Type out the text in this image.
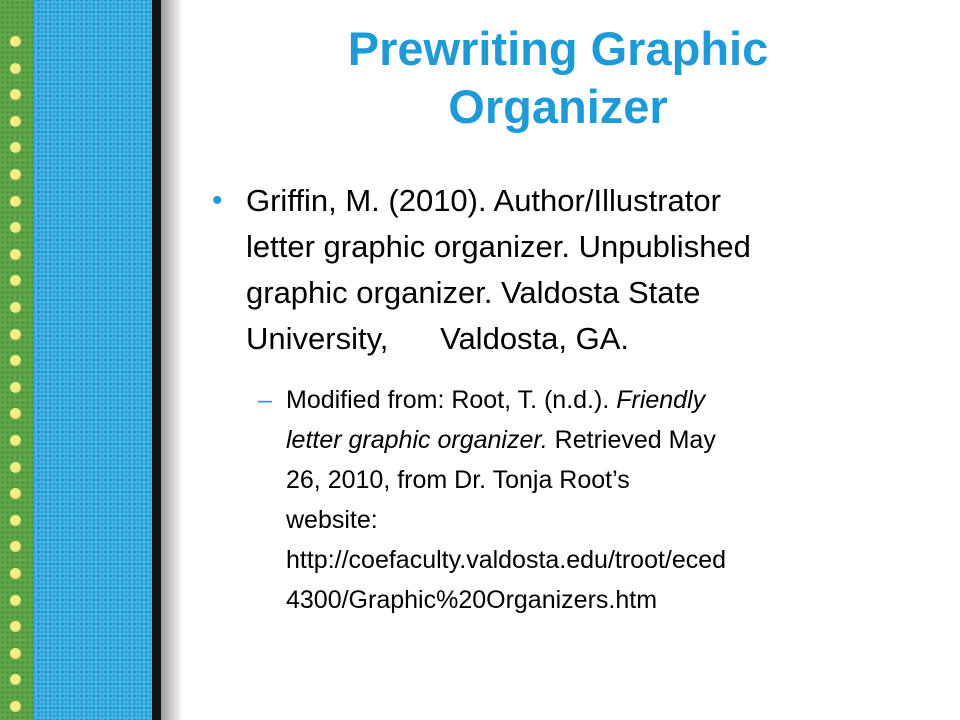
Prewriting Graphic
Organizer
• Griffin, M. (2010). Author/Illustrator
letter graphic organizer. Unpublished
graphic organizer. Valdosta State
University,      Valdosta, GA.
– Modified from: Root, T. (n.d.). Friendly
letter graphic organizer. Retrieved May
26, 2010, from Dr. Tonja Root’s
website:
http://coefaculty.valdosta.edu/troot/eced
4300/Graphic%20Organizers.htm
